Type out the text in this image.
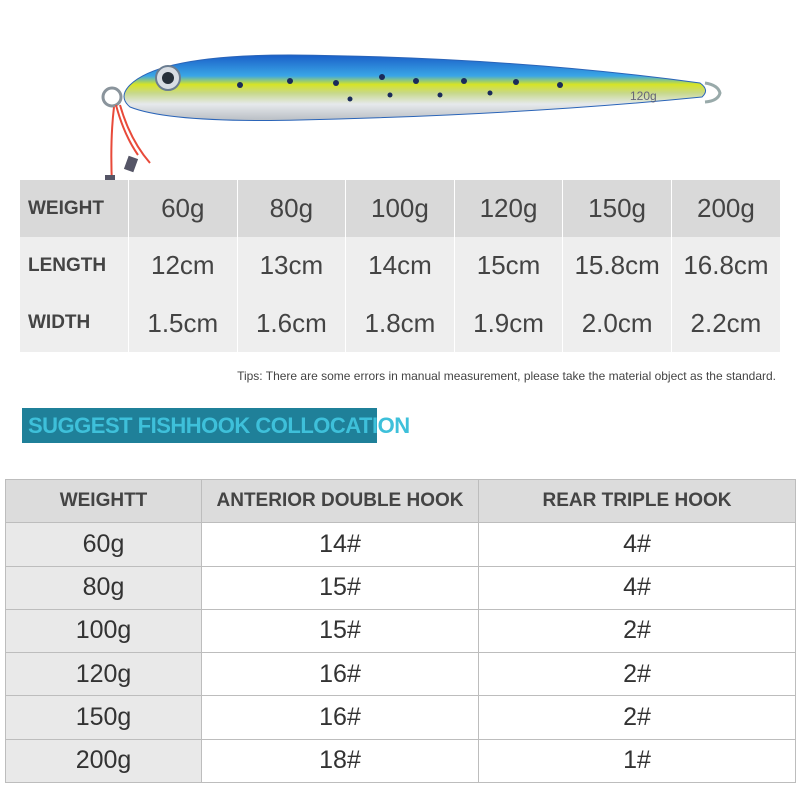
120g
WEIGHT	60g	80g	100g	120g	150g	200g
LENGTH	12cm	13cm	14cm	15cm	15.8cm	16.8cm
WIDTH	1.5cm	1.6cm	1.8cm	1.9cm	2.0cm	2.2cm
Tips: There are some errors in manual measurement, please take the material object as the standard.
SUGGEST FISHHOOK COLLOCATION
WEIGHTT	ANTERIOR DOUBLE HOOK	REAR TRIPLE HOOK
60g	14#	4#
80g	15#	4#
100g	15#	2#
120g	16#	2#
150g	16#	2#
200g	18#	1#
